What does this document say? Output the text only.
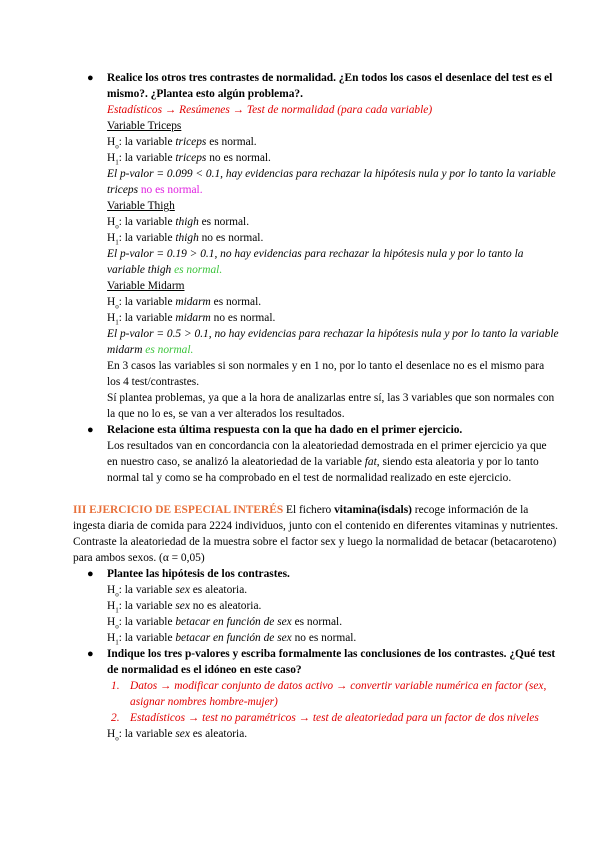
●	Realice los otros tres contrastes de normalidad. ¿En todos los casos el desenlace del test es el mismo?. ¿Plantea esto algún problema?.
Estadísticos → Resúmenes → Test de normalidad (para cada variable)
Variable Triceps
$H_o$: la variable triceps es normal.
$H_1$: la variable triceps no es normal.
El p-valor = 0.099 < 0.1, hay evidencias para rechazar la hipótesis nula y por lo tanto la variable triceps no es normal.
Variable Thigh
$H_o$: la variable thigh es normal.
$H_1$: la variable thigh no es normal.
El p-valor = 0.19 > 0.1, no hay evidencias para rechazar la hipótesis nula y por lo tanto la variable thigh es normal.
Variable Midarm
$H_o$: la variable midarm es normal.
$H_1$: la variable midarm no es normal.
El p-valor = 0.5 > 0.1, no hay evidencias para rechazar la hipótesis nula y por lo tanto la variable midarm es normal.
En 3 casos las variables si son normales y en 1 no, por lo tanto el desenlace no es el mismo para los 4 test/contrastes.
Sí plantea problemas, ya que a la hora de analizarlas entre sí, las 3 variables que son normales con la que no lo es, se van a ver alterados los resultados.
●	Relacione esta última respuesta con la que ha dado en el primer ejercicio.
Los resultados van en concordancia con la aleatoriedad demostrada en el primer ejercicio ya que en nuestro caso, se analizó la aleatoriedad de la variable fat, siendo esta aleatoria y por lo tanto normal tal y como se ha comprobado en el test de normalidad realizado en este ejercicio.
III EJERCICIO DE ESPECIAL INTERÉS El fichero vitamina(isdals) recoge información de la ingesta diaria de comida para 2224 individuos, junto con el contenido en diferentes vitaminas y nutrientes. Contraste la aleatoriedad de la muestra sobre el factor sex y luego la normalidad de betacar (betacaroteno) para ambos sexos. (α = 0,05)
●	Plantee las hipótesis de los contrastes.
$H_o$: la variable sex es aleatoria.
$H_1$: la variable sex no es aleatoria.
$H_o$: la variable betacar en función de sex es normal.
$H_1$: la variable betacar en función de sex no es normal.
●	Indique los tres p-valores y escriba formalmente las conclusiones de los contrastes. ¿Qué test de normalidad es el idóneo en este caso?
1. Datos → modificar conjunto de datos activo → convertir variable numérica en factor (sex, asignar nombres hombre-mujer)
2. Estadísticos → test no paramétricos → test de aleatoriedad para un factor de dos niveles
$H_o$: la variable sex es aleatoria.
